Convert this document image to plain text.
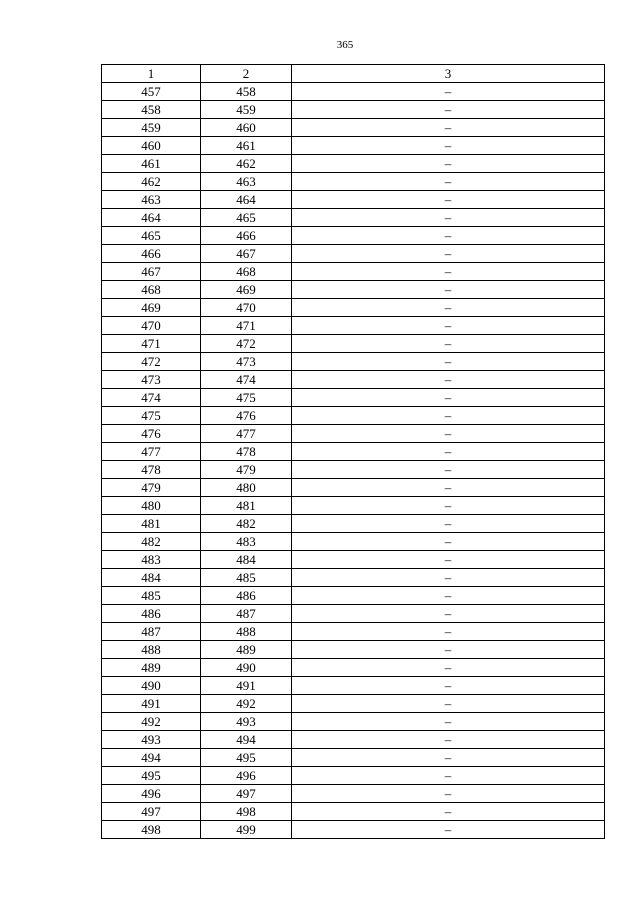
365
1	2	3
457	458	–
458	459	–
459	460	–
460	461	–
461	462	–
462	463	–
463	464	–
464	465	–
465	466	–
466	467	–
467	468	–
468	469	–
469	470	–
470	471	–
471	472	–
472	473	–
473	474	–
474	475	–
475	476	–
476	477	–
477	478	–
478	479	–
479	480	–
480	481	–
481	482	–
482	483	–
483	484	–
484	485	–
485	486	–
486	487	–
487	488	–
488	489	–
489	490	–
490	491	–
491	492	–
492	493	–
493	494	–
494	495	–
495	496	–
496	497	–
497	498	–
498	499	–
